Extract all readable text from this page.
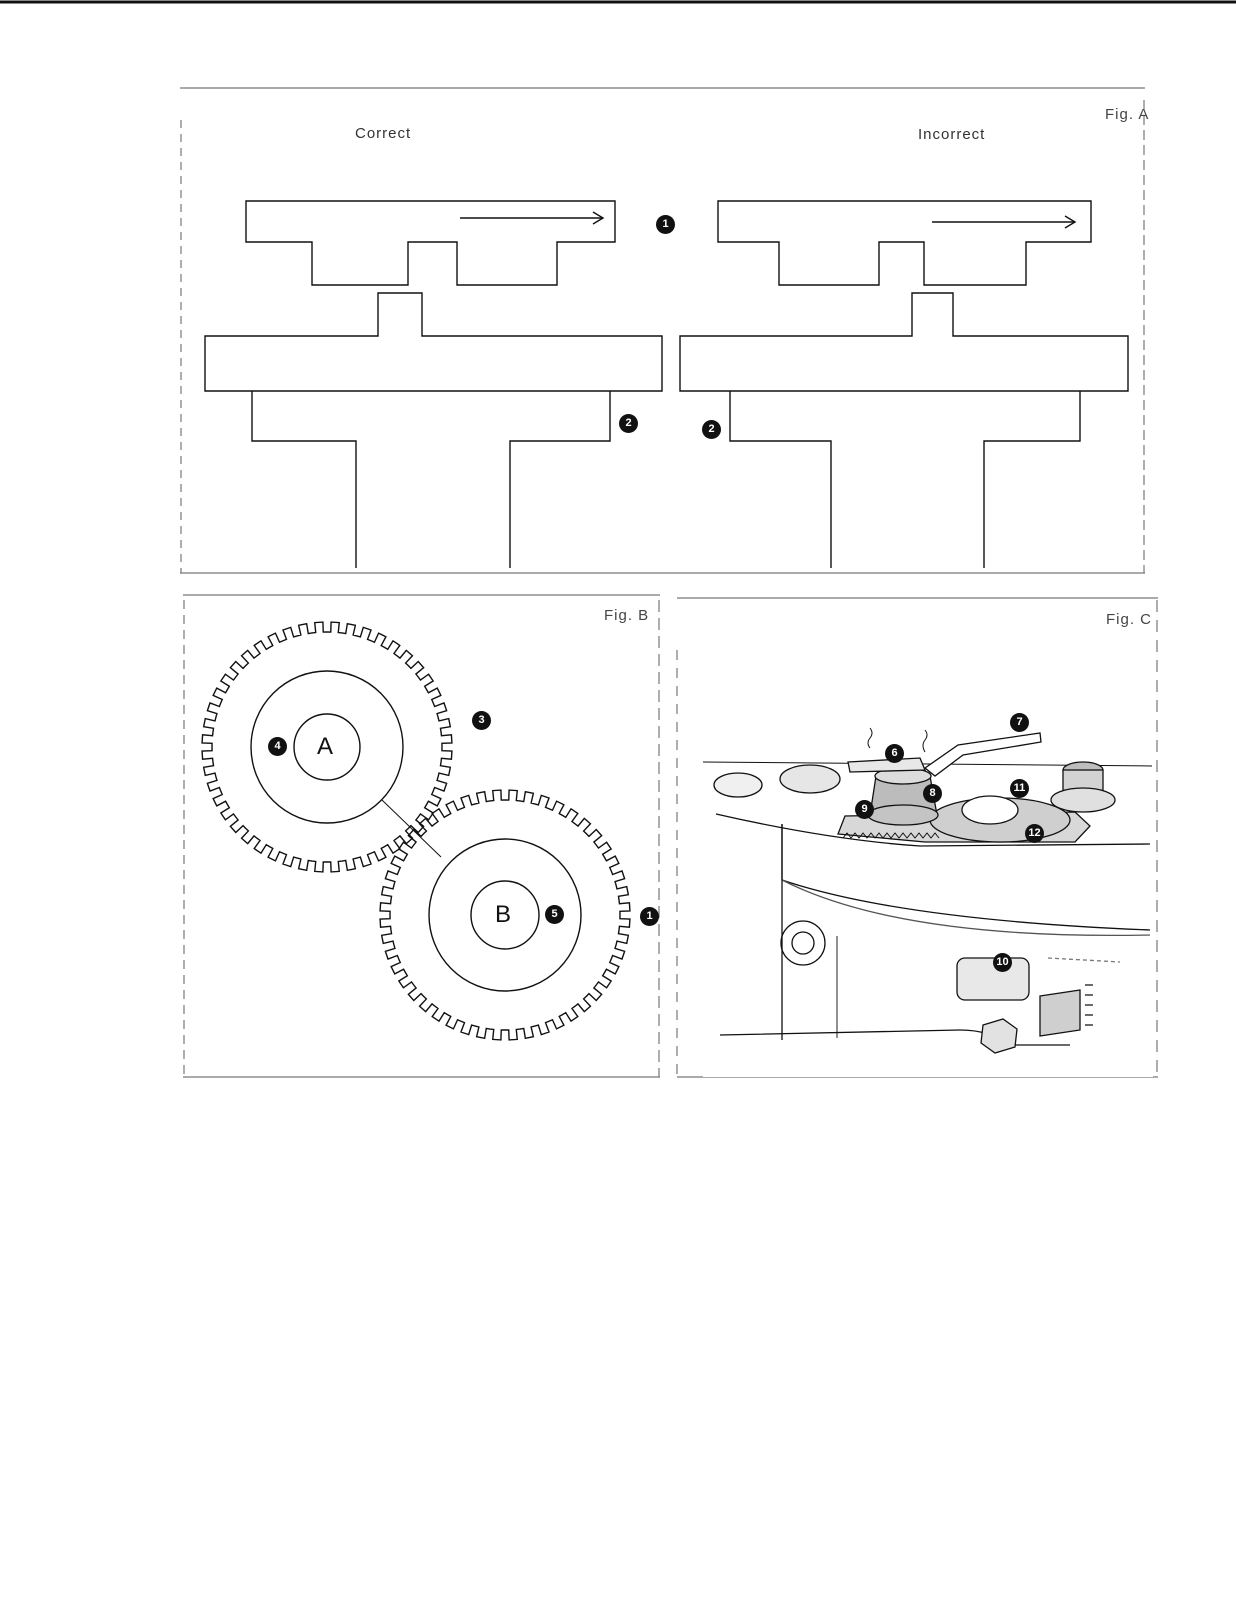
Fig. A
Correct	Incorrect
1
2	2
Fig. B
A
B
3
4
5	1
Fig. C
6
7
8
9
10
11
12
